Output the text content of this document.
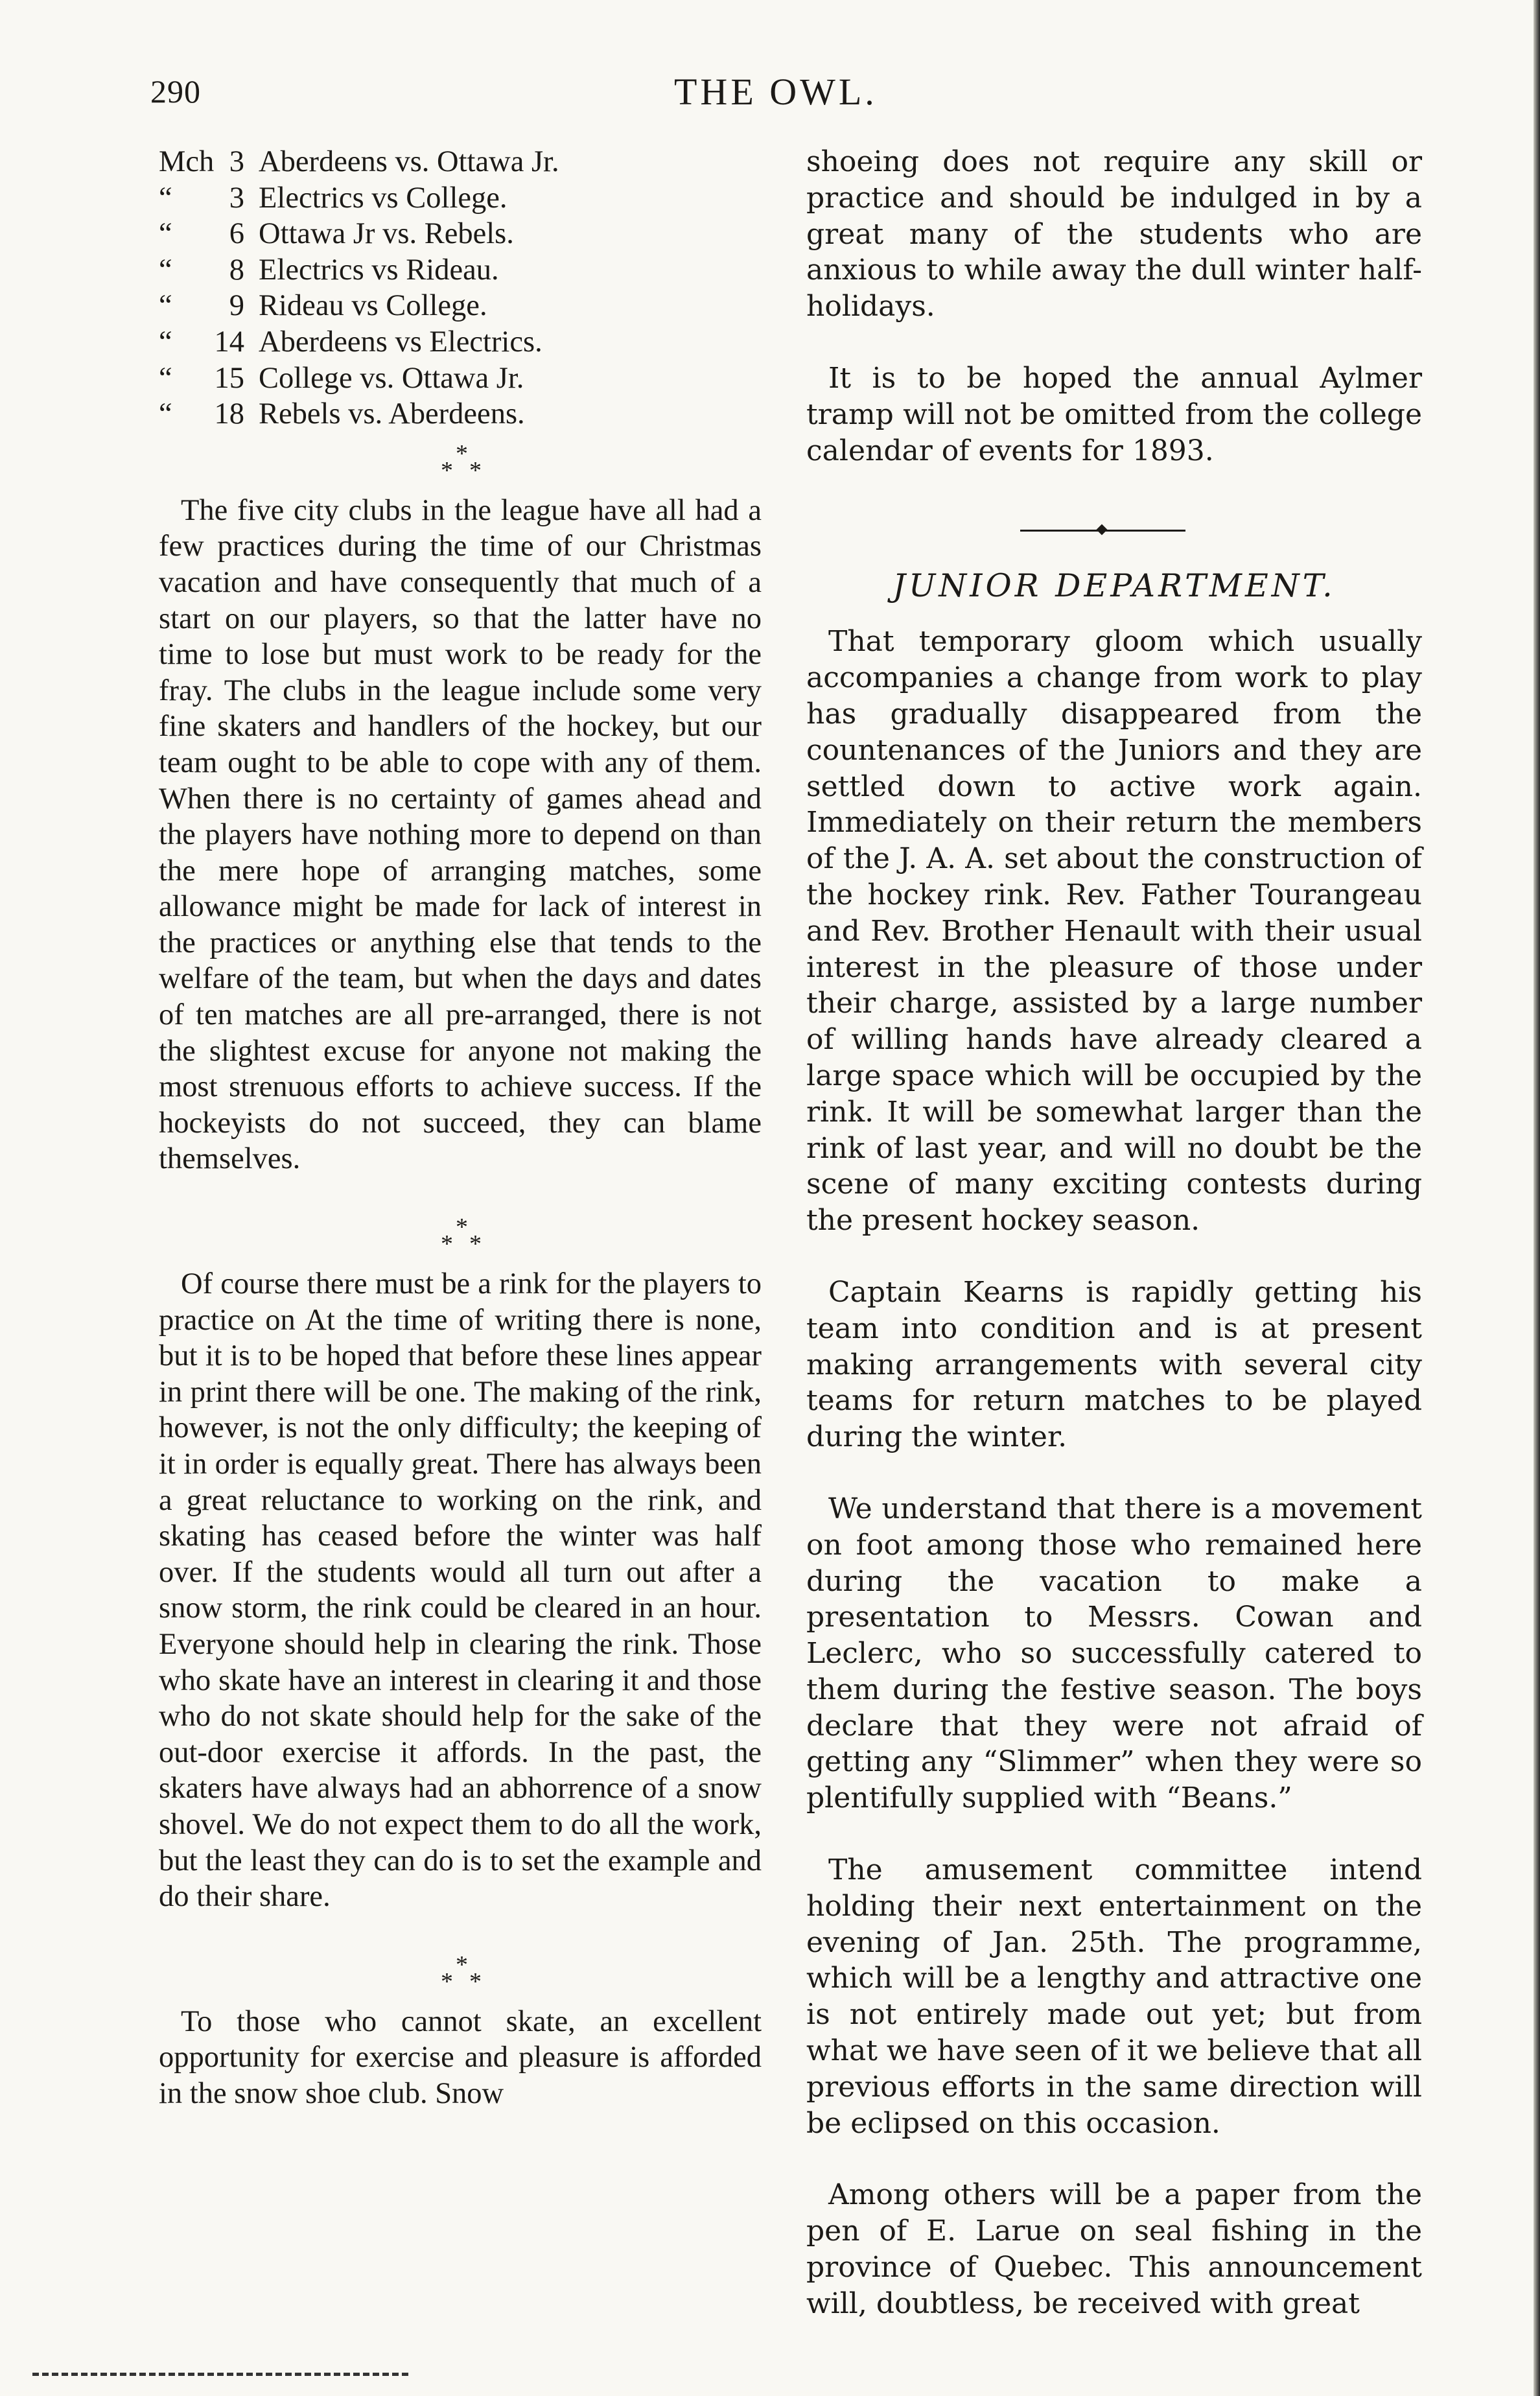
290	THE OWL.
Mch 3 Aberdeens vs. Ottawa Jr.
“	3 Electrics vs College.
“	6 Ottawa Jr vs. Rebels.
“	8 Electrics vs Rideau.
“	9 Rideau vs College.
“	14 Aberdeens vs Electrics.
“	15 College vs. Ottawa Jr.
“	18 Rebels vs. Aberdeens.
*
* *

The five city clubs in the league have all had a few practices during the time of our Christmas vacation and have consequently that much of a start on our players, so that the latter have no time to lose but must work to be ready for the fray. The clubs in the league include some very fine skaters and handlers of the hockey, but our team ought to be able to cope with any of them. When there is no certainty of games ahead and the players have nothing more to depend on than the mere hope of arranging matches, some allowance might be made for lack of interest in the practices or anything else that tends to the welfare of the team, but when the days and dates of ten matches are all pre-arranged, there is not the slightest excuse for anyone not making the most strenuous efforts to achieve success. If the hockeyists do not succeed, they can blame themselves.

*
* *

Of course there must be a rink for the players to practice on At the time of writing there is none, but it is to be hoped that before these lines appear in print there will be one. The making of the rink, however, is not the only difficulty; the keeping of it in order is equally great. There has always been a great reluctance to working on the rink, and skating has ceased before the winter was half over. If the students would all turn out after a snow storm, the rink could be cleared in an hour. Everyone should help in clearing the rink. Those who skate have an interest in clearing it and those who do not skate should help for the sake of the out-door exercise it affords. In the past, the skaters have always had an abhorrence of a snow shovel. We do not expect them to do all the work, but the least they can do is to set the example and do their share.

*
* *

To those who cannot skate, an excellent opportunity for exercise and pleasure is afforded in the snow shoe club. Snow

shoeing does not require any skill or practice and should be indulged in by a great many of the students who are anxious to while away the dull winter half-holidays.

It is to be hoped the annual Aylmer tramp will not be omitted from the college calendar of events for 1893.

JUNIOR DEPARTMENT.

That temporary gloom which usually accompanies a change from work to play has gradually disappeared from the countenances of the Juniors and they are settled down to active work again. Immediately on their return the members of the J. A. A. set about the construction of the hockey rink. Rev. Father Tourangeau and Rev. Brother Henault with their usual interest in the pleasure of those under their charge, assisted by a large number of willing hands have already cleared a large space which will be occupied by the rink. It will be somewhat larger than the rink of last year, and will no doubt be the scene of many exciting contests during the present hockey season.

Captain Kearns is rapidly getting his team into condition and is at present making arrangements with several city teams for return matches to be played during the winter.

We understand that there is a movement on foot among those who remained here during the vacation to make a presentation to Messrs. Cowan and Leclerc, who so successfully catered to them during the festive season. The boys declare that they were not afraid of getting any “Slimmer” when they were so plentifully supplied with “Beans.”

The amusement committee intend holding their next entertainment on the evening of Jan. 25th. The programme, which will be a lengthy and attractive one is not entirely made out yet; but from what we have seen of it we believe that all previous efforts in the same direction will be eclipsed on this occasion.

Among others will be a paper from the pen of E. Larue on seal fishing in the province of Quebec. This announcement will, doubtless, be received with great
